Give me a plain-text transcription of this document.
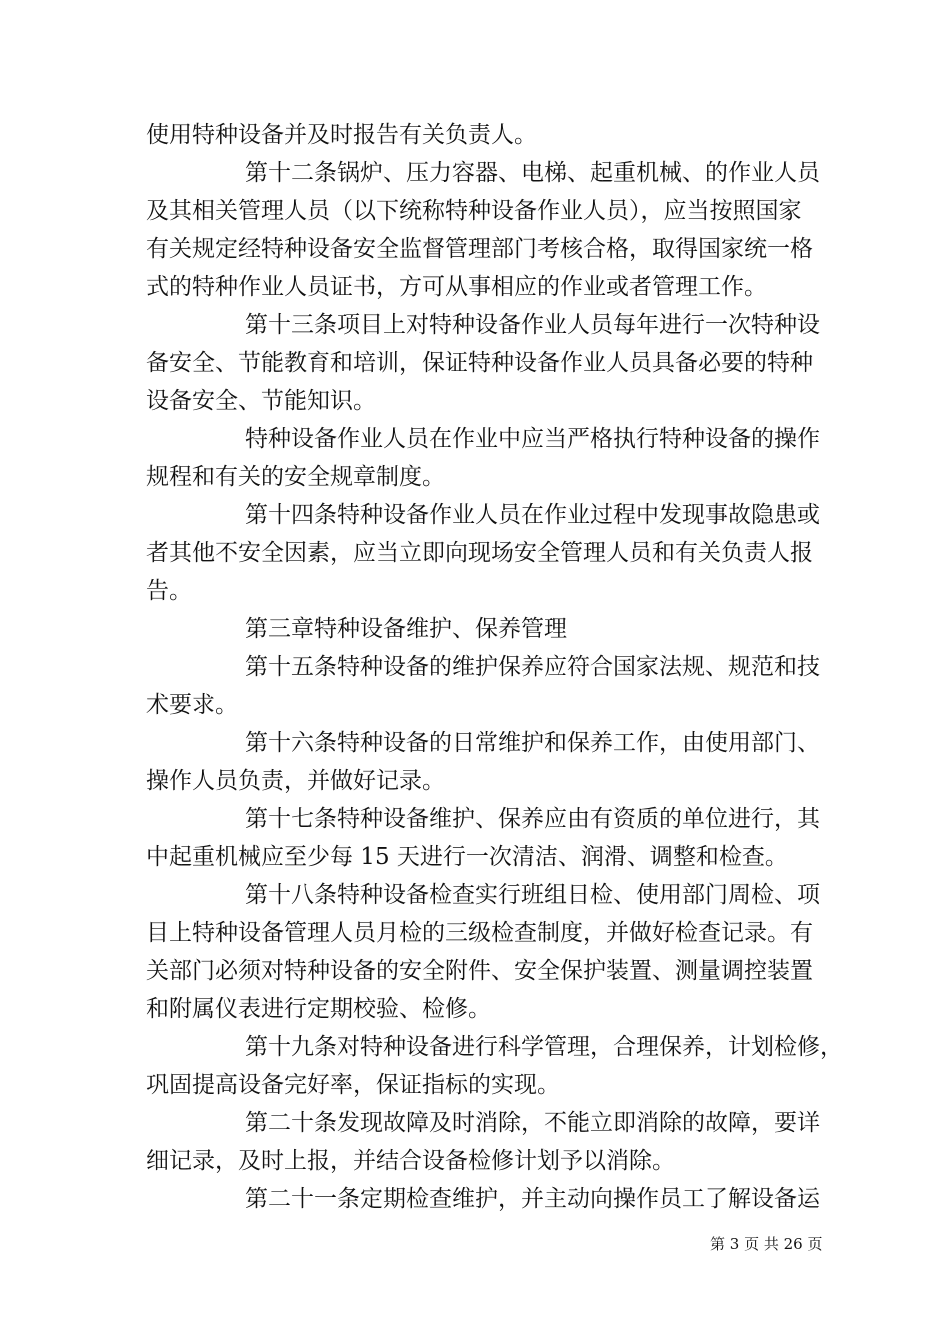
使用特种设备并及时报告有关负责人。
第十二条锅炉、压力容器、电梯、起重机械、的作业人员
及其相关管理人员（以下统称特种设备作业人员），应当按照国家
有关规定经特种设备安全监督管理部门考核合格，取得国家统一格
式的特种作业人员证书，方可从事相应的作业或者管理工作。
第十三条项目上对特种设备作业人员每年进行一次特种设
备安全、节能教育和培训，保证特种设备作业人员具备必要的特种
设备安全、节能知识。
特种设备作业人员在作业中应当严格执行特种设备的操作
规程和有关的安全规章制度。
第十四条特种设备作业人员在作业过程中发现事故隐患或
者其他不安全因素，应当立即向现场安全管理人员和有关负责人报
告。
第三章特种设备维护、保养管理
第十五条特种设备的维护保养应符合国家法规、规范和技
术要求。
第十六条特种设备的日常维护和保养工作，由使用部门、
操作人员负责，并做好记录。
第十七条特种设备维护、保养应由有资质的单位进行，其
中起重机械应至少每 15 天进行一次清洁、润滑、调整和检查。
第十八条特种设备检查实行班组日检、使用部门周检、项
目上特种设备管理人员月检的三级检查制度，并做好检查记录。有
关部门必须对特种设备的安全附件、安全保护装置、测量调控装置
和附属仪表进行定期校验、检修。
第十九条对特种设备进行科学管理，合理保养，计划检修，
巩固提高设备完好率，保证指标的实现。
第二十条发现故障及时消除，不能立即消除的故障，要详
细记录，及时上报，并结合设备检修计划予以消除。
第二十一条定期检查维护，并主动向操作员工了解设备运
第 3 页 共 26 页
